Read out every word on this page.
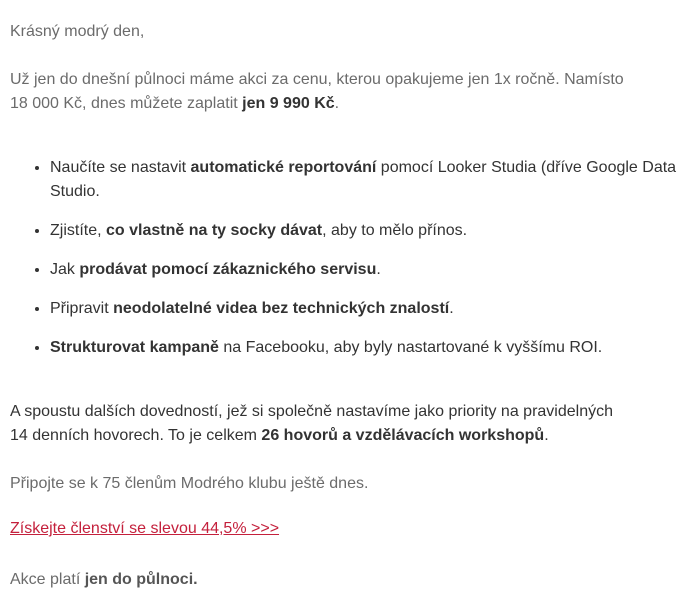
Krásný modrý den,

Už jen do dnešní půlnoci máme akci za cenu, kterou opakujeme jen 1x ročně. Namísto 18 000 Kč, dnes můžete zaplatit jen 9 990 Kč.

• Naučíte se nastavit automatické reportování pomocí Looker Studia (dříve Google Data Studio.
• Zjistíte, co vlastně na ty socky dávat, aby to mělo přínos.
• Jak prodávat pomocí zákaznického servisu.
• Připravit neodolatelné videa bez technických znalostí.
• Strukturovat kampaně na Facebooku, aby byly nastartované k vyššímu ROI.

A spoustu dalších dovedností, jež si společně nastavíme jako priority na pravidelných 14 denních hovorech. To je celkem 26 hovorů a vzdělávacích workshopů.

Připojte se k 75 členům Modrého klubu ještě dnes.

Získejte členství se slevou 44,5% >>>

Akce platí jen do půlnoci.
